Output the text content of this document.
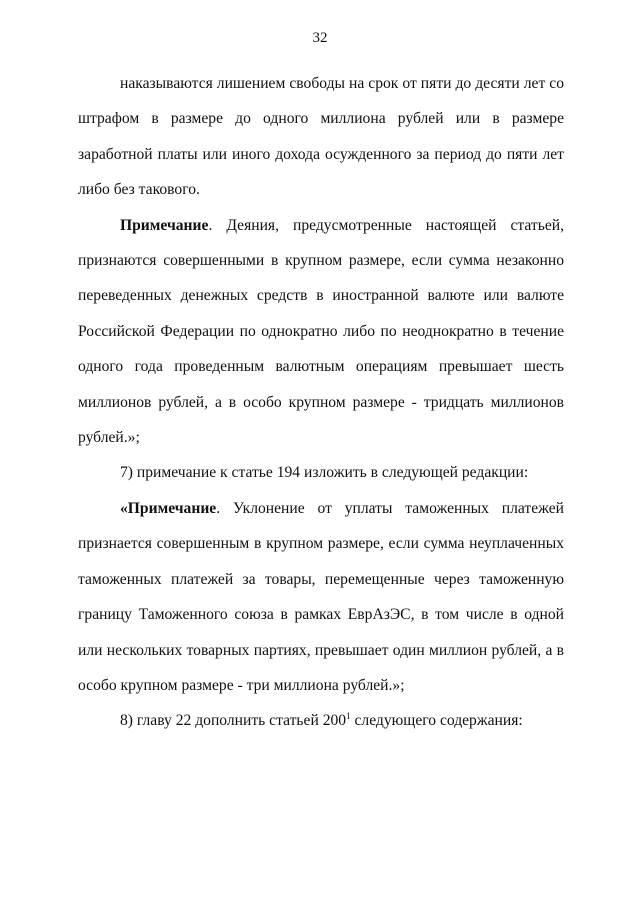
32

наказываются лишением свободы на срок от пяти до десяти лет со штрафом в размере до одного миллиона рублей или в размере заработной платы или иного дохода осужденного за период до пяти лет либо без такового.

Примечание. Деяния, предусмотренные настоящей статьей, признаются совершенными в крупном размере, если сумма незаконно переведенных денежных средств в иностранной валюте или валюте Российской Федерации по однократно либо по неоднократно в течение одного года проведенным валютным операциям превышает шесть миллионов рублей, а в особо крупном размере - тридцать миллионов рублей.»;

7) примечание к статье 194 изложить в следующей редакции:

«Примечание. Уклонение от уплаты таможенных платежей признается совершенным в крупном размере, если сумма неуплаченных таможенных платежей за товары, перемещенные через таможенную границу Таможенного союза в рамках ЕврАзЭС, в том числе в одной или нескольких товарных партиях, превышает один миллион рублей, а в особо крупном размере - три миллиона рублей.»;

8) главу 22 дополнить статьей $200^1$ следующего содержания:
